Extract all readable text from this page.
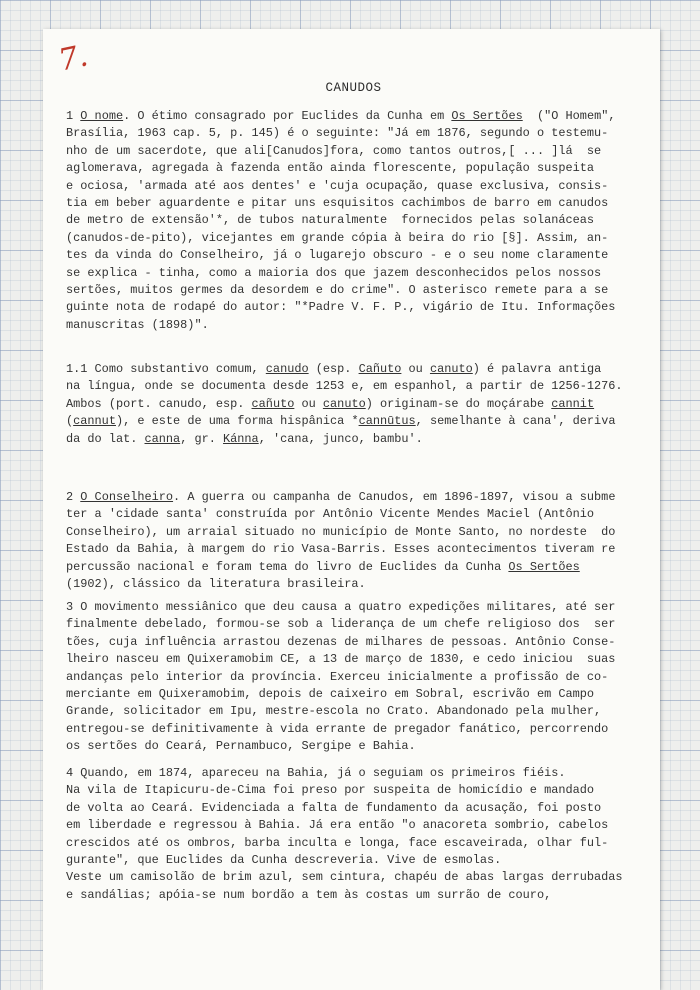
7.
CANUDOS
1 O nome. O étimo consagrado por Euclides da Cunha em Os Sertões  ("O Homem",
Brasília, 1963 cap. 5, p. 145) é o seguinte: "Já em 1876, segundo o testemu-
nho de um sacerdote, que ali[Canudos]fora, como tantos outros,[ ... ]lá  se
aglomerava, agregada à fazenda então ainda florescente, população suspeita
e ociosa, 'armada até aos dentes' e 'cuja ocupação, quase exclusiva, consis-
tia em beber aguardente e pitar uns esquisitos cachimbos de barro em canudos
de metro de extensão'*, de tubos naturalmente  fornecidos pelas solanáceas
(canudos-de-pito), vicejantes em grande cópia à beira do rio [§]. Assim, an-
tes da vinda do Conselheiro, já o lugarejo obscuro - e o seu nome claramente
se explica - tinha, como a maioria dos que jazem desconhecidos pelos nossos
sertões, muitos germes da desordem e do crime". O asterisco remete para a se
guinte nota de rodapé do autor: "*Padre V. F. P., vigário de Itu. Informações
manuscritas (1898)".
1.1 Como substantivo comum, canudo (esp. Cañuto ou canuto) é palavra antiga
na língua, onde se documenta desde 1253 e, em espanhol, a partir de 1256-1276.
Ambos (port. canudo, esp. cañuto ou canuto) originam-se do moçárabe cannit
(cannut), e este de uma forma hispânica *cannūtus, semelhante à cana', deriva
da do lat. canna, gr. Kánna, 'cana, junco, bambu'.
2 O Conselheiro. A guerra ou campanha de Canudos, em 1896-1897, visou a subme
ter a 'cidade santa' construída por Antônio Vicente Mendes Maciel (Antônio
Conselheiro), um arraial situado no município de Monte Santo, no nordeste  do
Estado da Bahia, à margem do rio Vasa-Barris. Esses acontecimentos tiveram re
percussão nacional e foram tema do livro de Euclides da Cunha Os Sertões
(1902), clássico da literatura brasileira.
3 O movimento messiânico que deu causa a quatro expedições militares, até ser
finalmente debelado, formou-se sob a liderança de um chefe religioso dos  ser
tões, cuja influência arrastou dezenas de milhares de pessoas. Antônio Conse-
lheiro nasceu em Quixeramobim CE, a 13 de março de 1830, e cedo iniciou  suas
andanças pelo interior da província. Exerceu inicialmente a profissão de co-
merciante em Quixeramobim, depois de caixeiro em Sobral, escrivão em Campo
Grande, solicitador em Ipu, mestre-escola no Crato. Abandonado pela mulher,
entregou-se definitivamente à vida errante de pregador fanático, percorrendo
os sertões do Ceará, Pernambuco, Sergipe e Bahia.
4 Quando, em 1874, apareceu na Bahia, já o seguiam os primeiros fiéis.
Na vila de Itapicuru-de-Cima foi preso por suspeita de homicídio e mandado
de volta ao Ceará. Evidenciada a falta de fundamento da acusação, foi posto
em liberdade e regressou à Bahia. Já era então "o anacoreta sombrio, cabelos
crescidos até os ombros, barba inculta e longa, face escaveirada, olhar ful-
gurante", que Euclides da Cunha descreveria. Vive de esmolas.
Veste um camisolão de brim azul, sem cintura, chapéu de abas largas derrubadas
e sandálias; apóia-se num bordão a tem às costas um surrão de couro,
